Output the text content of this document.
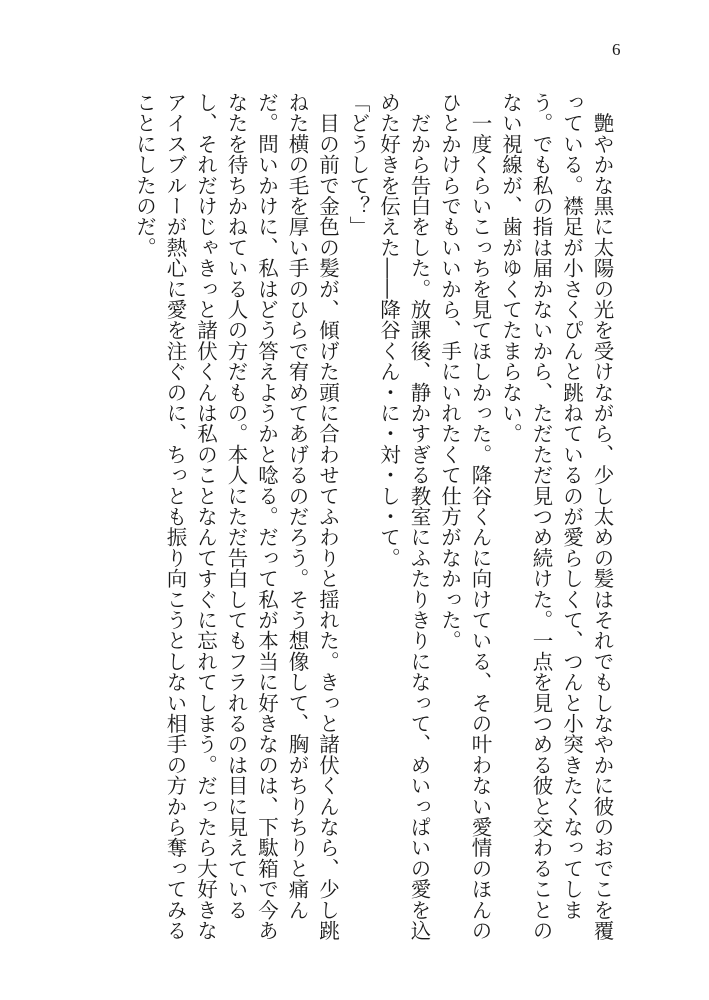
6

　艶やかな黒に太陽の光を受けながら、少し太めの髪はそれでもしなやかに彼のおでこを覆っている。襟足が小さくぴんと跳ねているのが愛らしくて、つんと小突きたくなってしまう。でも私の指は届かないから、ただただ見つめ続けた。一点を見つめる彼と交わることのない視線が、歯がゆくてたまらない。

　一度くらいこっちを見てほしかった。降谷くんに向けている、その叶わない愛情のほんのひとかけらでもいいから、手にいれたくて仕方がなかった。

　だから告白をした。放課後、静かすぎる教室にふたりきりになって、めいっぱいの愛を込めた好きを伝えた――降谷くん・に・対・し・て。

「どうして？」

　目の前で金色の髪が、傾げた頭に合わせてふわりと揺れた。きっと諸伏くんなら、少し跳ねた横の毛を厚い手のひらで宥めてあげるのだろう。そう想像して、胸がちりちりと痛んだ。問いかけに、私はどう答えようかと唸る。だって私が本当に好きなのは、下駄箱で今あなたを待ちかねている人の方だもの。本人にただ告白してもフラれるのは目に見えているし、それだけじゃきっと諸伏くんは私のことなんてすぐに忘れてしまう。だったら大好きなアイスブルーが熱心に愛を注ぐのに、ちっとも振り向こうとしない相手の方から奪ってみることにしたのだ。
